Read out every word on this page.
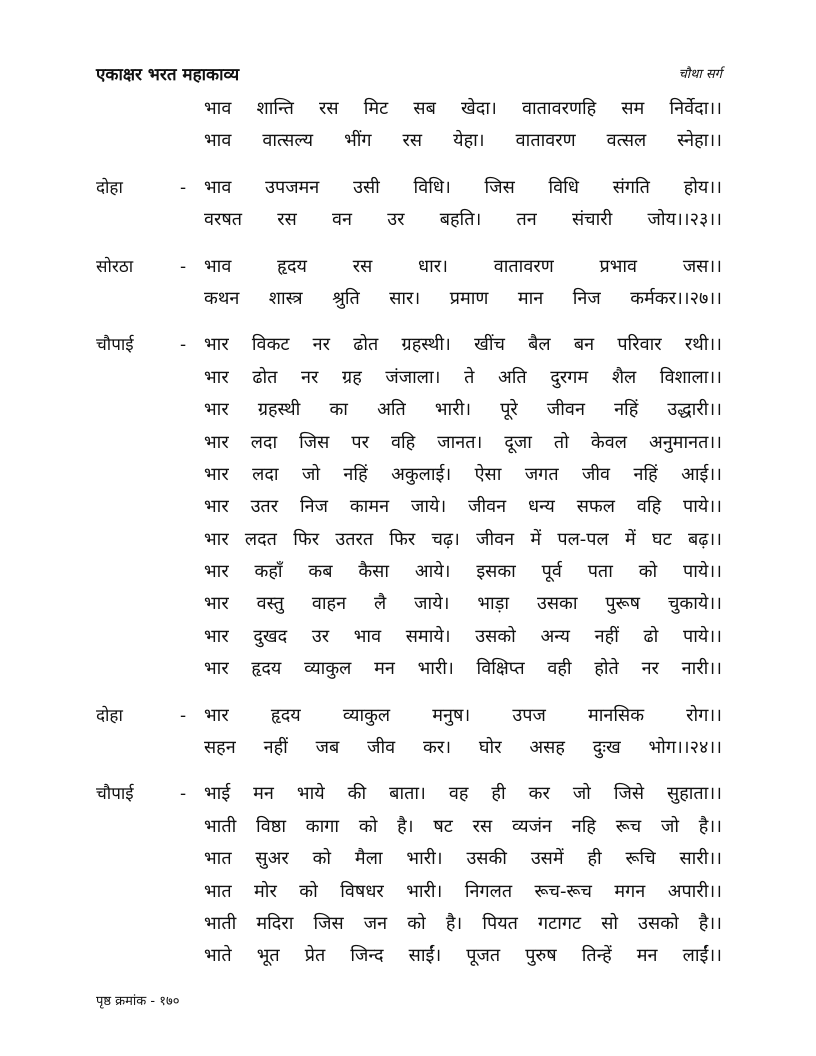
एकाक्षर भरत महाकाव्य	चौथा सर्ग
भाव शान्ति रस मिट सब खेदा। वातावरणहि सम निर्वेदा।।
भाव वात्सल्य भींग रस येहा। वातावरण वत्सल स्नेहा।।
दोहा	- भाव उपजमन उसी विधि। जिस विधि संगति होय।।
वरषत रस वन उर बहति। तन संचारी जोय।।२३।।
सोरठा	- भाव हृदय रस धार। वातावरण प्रभाव जस।।
कथन शास्त्र श्रुति सार। प्रमाण मान निज कर्मकर।।२७।।
चौपाई	- भार विकट नर ढोत ग्रहस्थी। खींच बैल बन परिवार रथी।।
भार ढोत नर ग्रह जंजाला। ते अति दुरगम शैल विशाला।।
भार ग्रहस्थी का अति भारी। पूरे जीवन नहिं उद्धारी।।
भार लदा जिस पर वहि जानत। दूजा तो केवल अनुमानत।।
भार लदा जो नहिं अकुलाई। ऐसा जगत जीव नहिं आई।।
भार उतर निज कामन जाये। जीवन धन्य सफल वहि पाये।।
भार लदत फिर उतरत फिर चढ़। जीवन में पल-पल में घट बढ़।।
भार कहाँ कब कैसा आये। इसका पूर्व पता को पाये।।
भार वस्तु वाहन लै जाये। भाड़ा उसका पुरूष चुकाये।।
भार दुखद उर भाव समाये। उसको अन्य नहीं ढो पाये।।
भार हृदय व्याकुल मन भारी। विक्षिप्त वही होते नर नारी।।
दोहा	- भार हृदय व्याकुल मनुष। उपज मानसिक रोग।।
सहन नहीं जब जीव कर। घोर असह दुःख भोग।।२४।।
चौपाई	- भाई मन भाये की बाता। वह ही कर जो जिसे सुहाता।।
भाती विष्ठा कागा को है। षट रस व्यजंन नहि रूच जो है।।
भात सुअर को मैला भारी। उसकी उसमें ही रूचि सारी।।
भात मोर को विषधर भारी। निगलत रूच-रूच मगन अपारी।।
भाती मदिरा जिस जन को है। पियत गटागट सो उसको है।।
भाते भूत प्रेत जिन्द साईं। पूजत पुरुष तिन्हें मन लाईं।।
पृष्ठ क्रमांक - १७०
